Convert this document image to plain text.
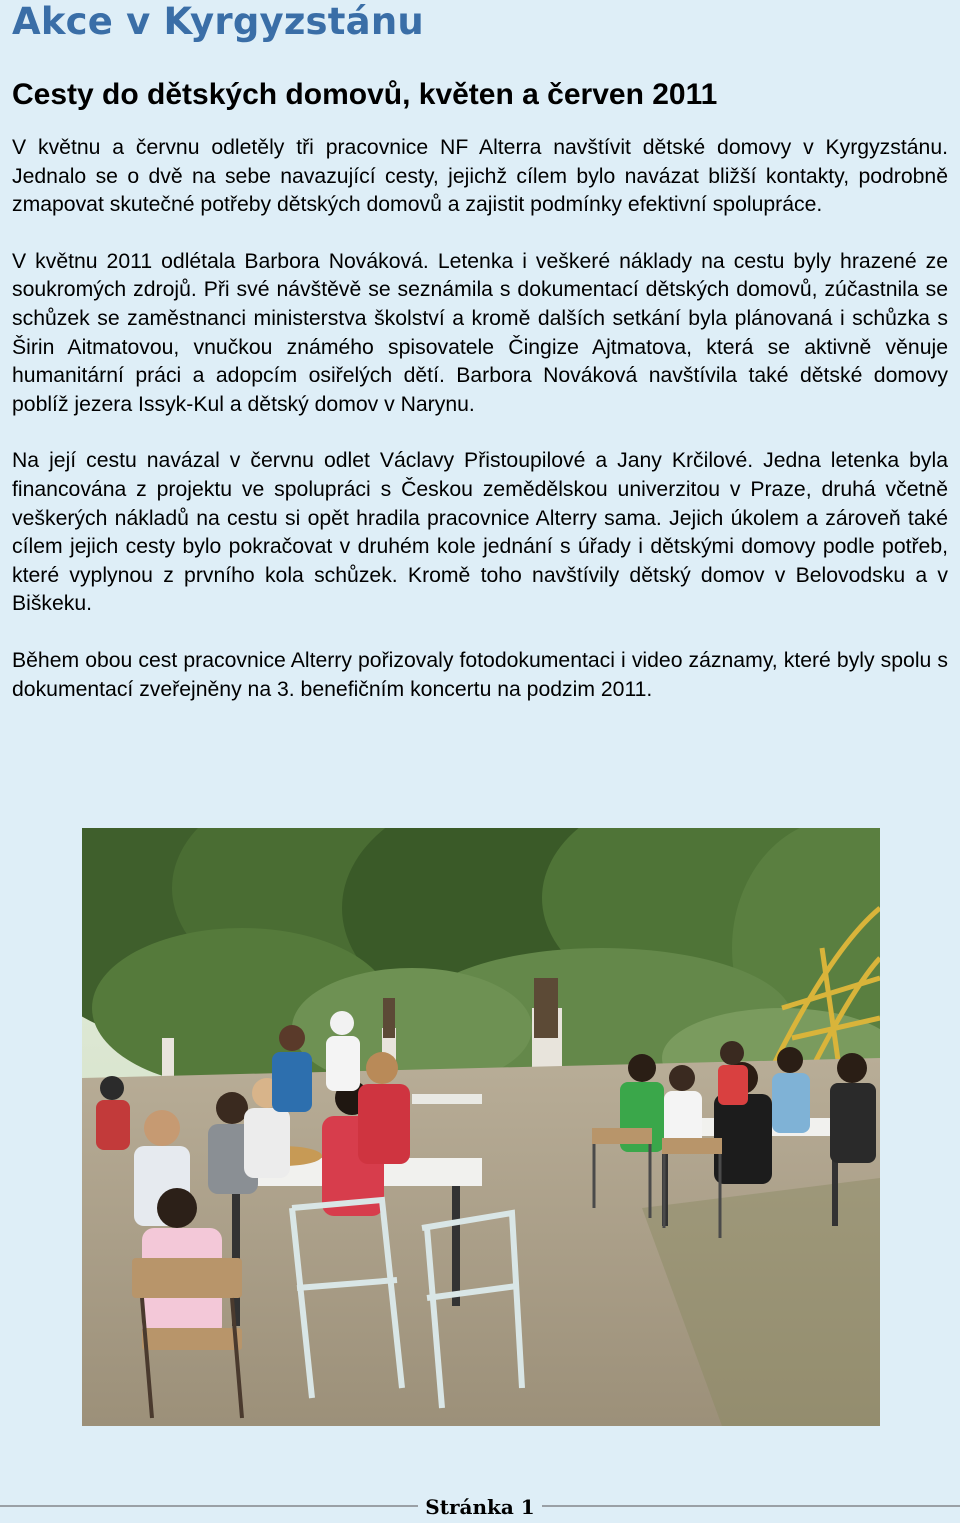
Akce v Kyrgyzstánu
Cesty do dětských domovů, květen a červen 2011

V květnu a červnu odletěly tři pracovnice NF Alterra navštívit dětské domovy v Kyrgyzstánu. Jednalo se o dvě na sebe navazující cesty, jejichž cílem bylo navázat bližší kontakty, podrobně zmapovat skutečné potřeby dětských domovů a zajistit podmínky efektivní spolupráce.

V květnu 2011 odlétala Barbora Nováková. Letenka i veškeré náklady na cestu byly hrazené ze soukromých zdrojů. Při své návštěvě se seznámila s dokumentací dětských domovů, zúčastnila se schůzek se zaměstnanci ministerstva školství a kromě dalších setkání byla plánovaná i schůzka s Širin Aitmatovou, vnučkou známého spisovatele Čingize Ajtmatova, která se aktivně věnuje humanitární práci a adopcím osiřelých dětí. Barbora Nováková navštívila také dětské domovy poblíž jezera Issyk-Kul a dětský domov v Narynu.

Na její cestu navázal v červnu odlet Václavy Přistoupilové a Jany Krčilové. Jedna letenka byla financována z projektu ve spolupráci s Českou zemědělskou univerzitou v Praze, druhá včetně veškerých nákladů na cestu si opět hradila pracovnice Alterry sama. Jejich úkolem a zároveň také cílem jejich cesty bylo pokračovat v druhém kole jednání s úřady i dětskými domovy podle potřeb, které vyplynou z prvního kola schůzek. Kromě toho navštívily dětský domov v Belovodsku a v Biškeku.

Během obou cest pracovnice Alterry pořizovaly fotodokumentaci i video záznamy, které byly spolu s dokumentací zveřejněny na 3. benefičním koncertu na podzim 2011.

Stránka 1
